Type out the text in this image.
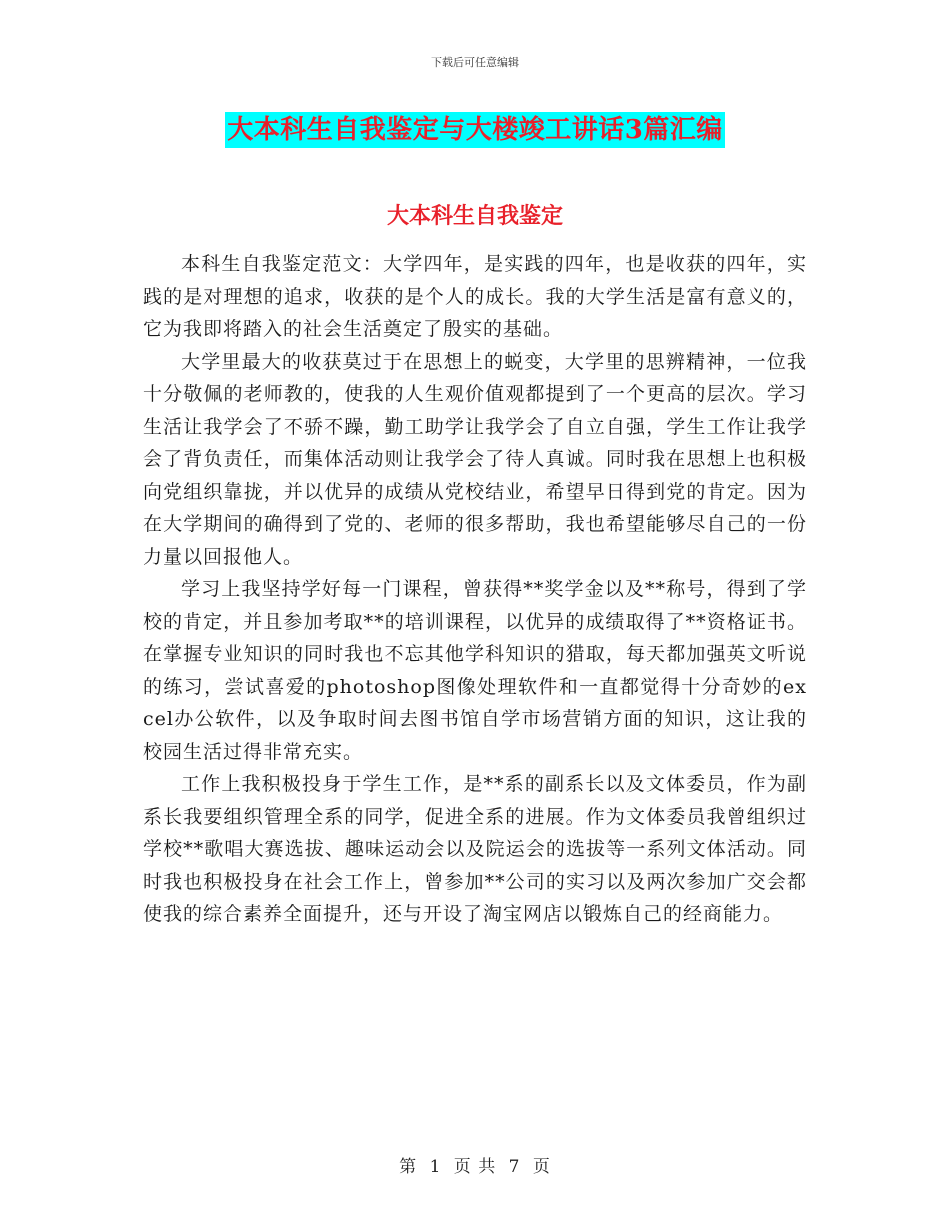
下载后可任意编辑
大本科生自我鉴定与大楼竣工讲话3篇汇编
大本科生自我鉴定

本科生自我鉴定范文：大学四年，是实践的四年，也是收获的四年，实践的是对理想的追求，收获的是个人的成长。我的大学生活是富有意义的，它为我即将踏入的社会生活奠定了殷实的基础。

大学里最大的收获莫过于在思想上的蜕变，大学里的思辨精神，一位我十分敬佩的老师教的，使我的人生观价值观都提到了一个更高的层次。学习生活让我学会了不骄不躁，勤工助学让我学会了自立自强，学生工作让我学会了背负责任，而集体活动则让我学会了待人真诚。同时我在思想上也积极向党组织靠拢，并以优异的成绩从党校结业，希望早日得到党的肯定。因为在大学期间的确得到了党的、老师的很多帮助，我也希望能够尽自己的一份力量以回报他人。

学习上我坚持学好每一门课程，曾获得**奖学金以及**称号，得到了学校的肯定，并且参加考取**的培训课程，以优异的成绩取得了**资格证书。在掌握专业知识的同时我也不忘其他学科知识的猎取，每天都加强英文听说的练习，尝试喜爱的photoshop图像处理软件和一直都觉得十分奇妙的excel办公软件，以及争取时间去图书馆自学市场营销方面的知识，这让我的校园生活过得非常充实。

工作上我积极投身于学生工作，是**系的副系长以及文体委员，作为副系长我要组织管理全系的同学，促进全系的进展。作为文体委员我曾组织过学校**歌唱大赛选拔、趣味运动会以及院运会的选拔等一系列文体活动。同时我也积极投身在社会工作上，曾参加**公司的实习以及两次参加广交会都使我的综合素养全面提升，还与开设了淘宝网店以锻炼自己的经商能力。

第 1 页 共 7 页
